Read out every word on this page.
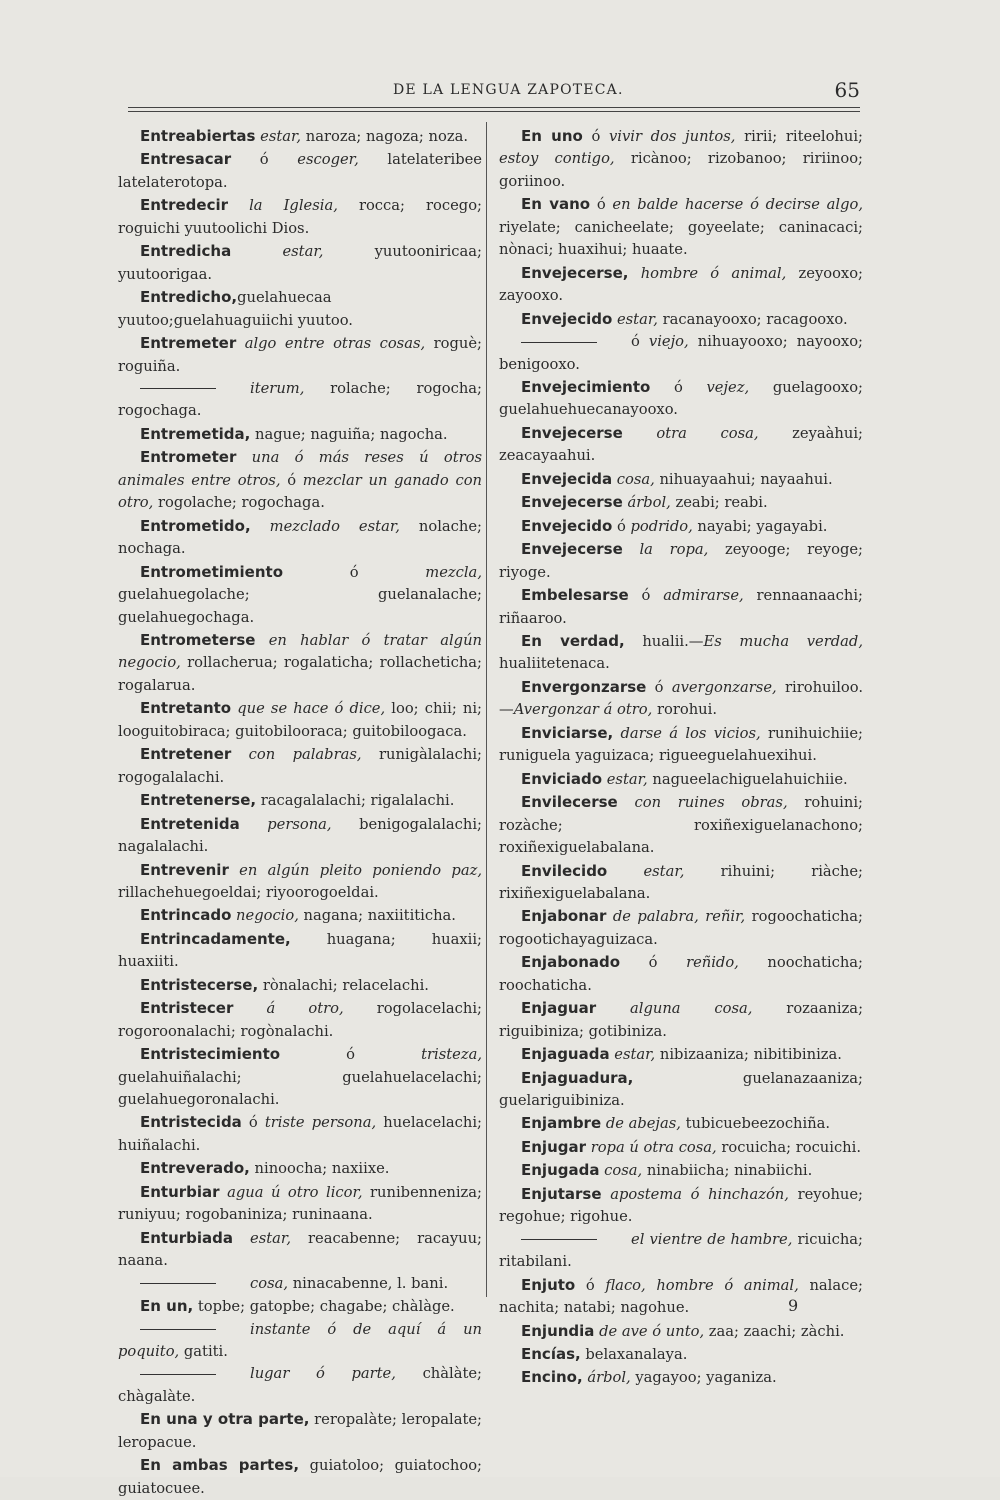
DE LA LENGUA ZAPOTECA.	65

Entreabiertas estar, naroza; nagoza; noza.

Entresacar ó escoger, latelateribee latelaterotopa.

Entredecir la Iglesia, rocca; rocego; roguichi yuutoolichi Dios.

Entredicha	estar, yuutooniricaa; yuutoorigaa.

Entredicho,guelahuecaa yuutoo;guelahuaguiichi yuutoo.

Entremeter algo entre otras cosas, roguè; roguiña.

iterum, rolache; rogocha; rogochaga.

Entremetida, nague; naguiña; nagocha.

Entrometer una ó más reses ú otros animales entre otros, ó mezclar un ganado con otro, rogolache; rogochaga.

Entrometido, mezclado estar, nolache; nochaga.

Entrometimiento ó mezcla, guelahuegolache; guelanalache; guelahuegochaga.

Entrometerse en hablar ó tratar algún negocio, rollacherua; rogalaticha; rollacheticha; rogalarua.

Entretanto que se hace ó dice, loo; chii; ni; looguitobiraca; guitobilooraca; guitobiloogaca.

Entretener con palabras, runigàlalachi; rogogalalachi.

Entretenerse, racagalalachi; rigalalachi.

Entretenida persona, benigogalalachi; nagalalachi.

Entrevenir en algún pleito poniendo paz, rillachehuegoeldai; riyoorogoeldai.

Entrincado negocio, nagana; naxiititicha.

Entrincadamente, huagana; huaxii; huaxiiti.

Entristecerse, rònalachi; relacelachi.

Entristecer á otro, rogolacelachi; rogoroonalachi; rogònalachi.

Entristecimiento ó tristeza, guelahuiñalachi; guelahuelacelachi; guelahuegoronalachi.

Entristecida ó triste persona, huelacelachi; huiñalachi.

Entreverado, ninoocha; naxiixe.

Enturbiar agua ú otro licor, runibenneniza; runiyuu; rogobaniniza; runinaana.

Enturbiada estar, reacabenne; racayuu; naana.

cosa, ninacabenne, l. bani.

En un, topbe; gatopbe; chagabe; chàlàge.

instante ó de aquí á un poquito, gatiti.

lugar ó parte, chàlàte; chàgalàte.

En una y otra parte, reropalàte; leropalate; leropacue.

En ambas partes, guiatoloo; guiatochoo; guiatocuee.

En uno ó vivir dos juntos, ririi; riteelohui; estoy contigo, ricànoo; rizobanoo; ririinoo; goriinoo.

En vano ó en balde hacerse ó decirse algo, riyelate; canicheelate; goyeelate; caninacaci; nònaci; huaxihui; huaate.

Envejecerse, hombre ó animal, zeyooxo; zayooxo.

Envejecido estar, racanayooxo; racagooxo.

ó viejo, nihuayooxo; nayooxo; benigooxo.

Envejecimiento ó vejez, guelagooxo; guelahuehuecanayooxo.

Envejecerse otra cosa, zeyaàhui; zeacayaahui.

Envejecida cosa, nihuayaahui; nayaahui.

Envejecerse árbol, zeabi; reabi.

Envejecido ó podrido, nayabi; yagayabi.

Envejecerse la ropa, zeyooge; reyoge; riyoge.

Embelesarse ó admirarse, rennaanaachi; riñaaroo.

En verdad, hualii.—Es mucha verdad, hualiitetenaca.

Envergonzarse ó avergonzarse, rirohuiloo.—Avergonzar á otro, rorohui.

Enviciarse, darse á los vicios, runihuichiie; runiguela yaguizaca; rigueeguelahuexihui.

Enviciado estar, nagueelachiguelahuichiie.

Envilecerse con ruines obras, rohuini; rozàche; roxiñexiguelanachono; roxiñexiguelabalana.

Envilecido estar, rihuini; riàche; rixiñexiguelabalana.

Enjabonar de palabra, reñir, rogoochaticha; rogootichayaguizaca.

Enjabonado ó reñido, noochaticha; roochaticha.

Enjaguar alguna cosa, rozaaniza; riguibiniza; gotibiniza.

Enjaguada estar, nibizaaniza; nibitibiniza.

Enjaguadura, guelanazaaniza; guelariguibiniza.

Enjambre de abejas, tubicuebeezochiña.

Enjugar ropa ú otra cosa, rocuicha; rocuichi.

Enjugada cosa, ninabiicha; ninabiichi.

Enjutarse apostema ó hinchazón, reyohue; regohue; rigohue.

el vientre de hambre, ricuicha; ritabilani.

Enjuto ó flaco, hombre ó animal, nalace; nachita; natabi; nagohue.

Enjundia de ave ó unto, zaa; zaachi; zàchi.

Encías, belaxanalaya.

Encino, árbol, yagayoo; yaganiza.

9
